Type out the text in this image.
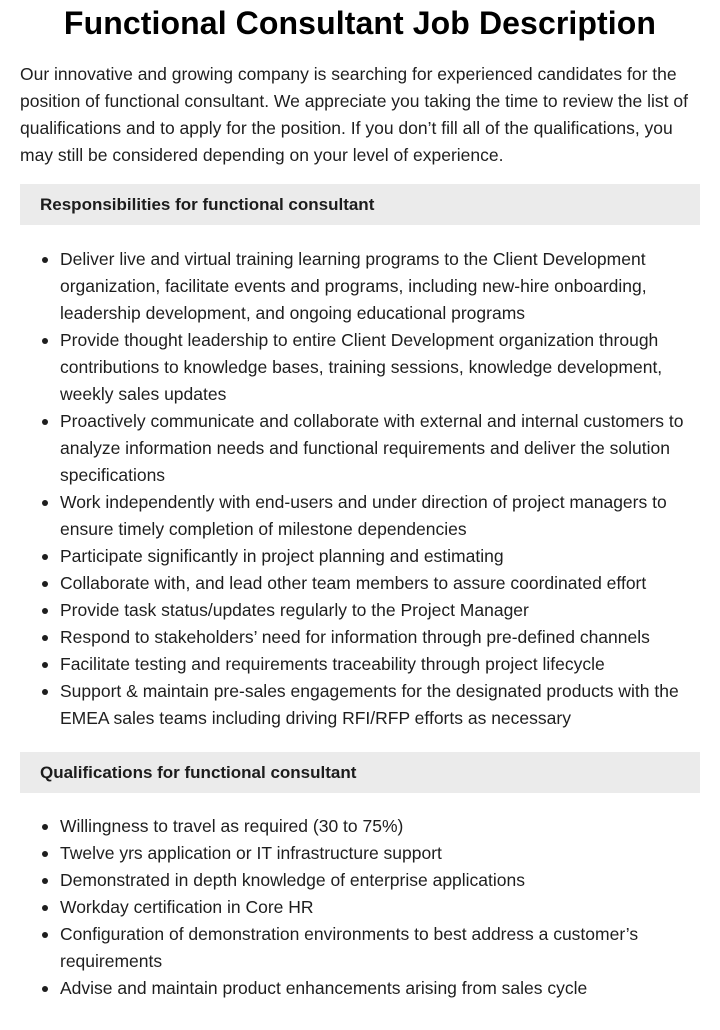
Functional Consultant Job Description

Our innovative and growing company is searching for experienced candidates for the position of functional consultant. We appreciate you taking the time to review the list of qualifications and to apply for the position. If you don’t fill all of the qualifications, you may still be considered depending on your level of experience.

Responsibilities for functional consultant
Deliver live and virtual training learning programs to the Client Development organization, facilitate events and programs, including new-hire onboarding, leadership development, and ongoing educational programs
Provide thought leadership to entire Client Development organization through contributions to knowledge bases, training sessions, knowledge development, weekly sales updates
Proactively communicate and collaborate with external and internal customers to analyze information needs and functional requirements and deliver the solution specifications
Work independently with end-users and under direction of project managers to ensure timely completion of milestone dependencies
Participate significantly in project planning and estimating
Collaborate with, and lead other team members to assure coordinated effort
Provide task status/updates regularly to the Project Manager
Respond to stakeholders’ need for information through pre-defined channels
Facilitate testing and requirements traceability through project lifecycle
Support & maintain pre-sales engagements for the designated products with the EMEA sales teams including driving RFI/RFP efforts as necessary
Qualifications for functional consultant
Willingness to travel as required (30 to 75%)
Twelve yrs application or IT infrastructure support
Demonstrated in depth knowledge of enterprise applications
Workday certification in Core HR
Configuration of demonstration environments to best address a customer’s requirements
Advise and maintain product enhancements arising from sales cycle
